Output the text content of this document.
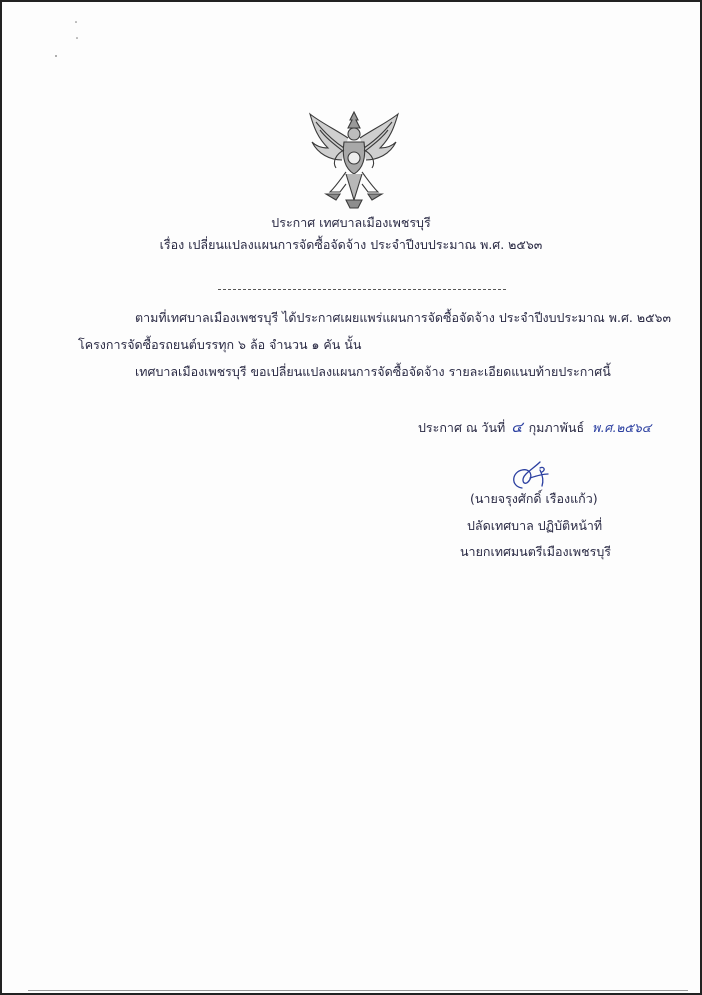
ประกาศ เทศบาลเมืองเพชรบุรี
เรื่อง เปลี่ยนแปลงแผนการจัดซื้อจัดจ้าง ประจำปีงบประมาณ พ.ศ. ๒๕๖๓
ตามที่เทศบาลเมืองเพชรบุรี ได้ประกาศเผยแพร่แผนการจัดซื้อจัดจ้าง ประจำปีงบประมาณ พ.ศ. ๒๕๖๓
โครงการจัดซื้อรถยนต์บรรทุก ๖ ล้อ จำนวน ๑ คัน นั้น
เทศบาลเมืองเพชรบุรี ขอเปลี่ยนแปลงแผนการจัดซื้อจัดจ้าง รายละเอียดแนบท้ายประกาศนี้
ประกาศ ณ วันที่ ๔ กุมภาพันธ์ พ.ศ.๒๕๖๔
(นายจรุงศักดิ์ เรืองแก้ว)
ปลัดเทศบาล ปฏิบัติหน้าที่
นายกเทศมนตรีเมืองเพชรบุรี
